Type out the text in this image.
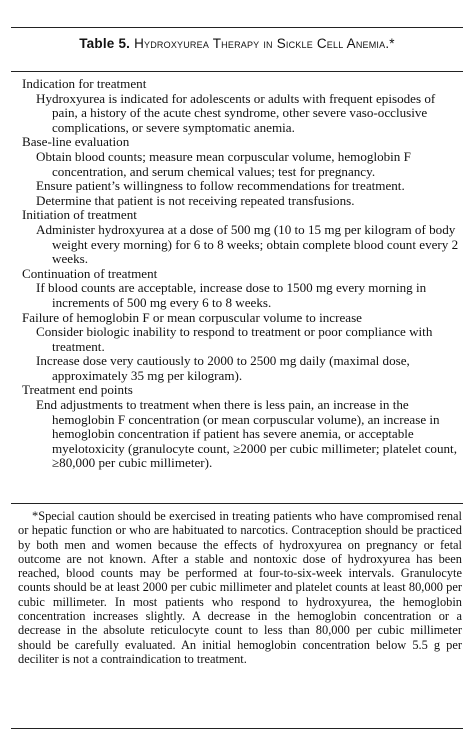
Table 5. Hydroxyurea Therapy in Sickle Cell Anemia.*
Indication for treatment

Hydroxyurea is indicated for adolescents or adults with frequent episodes of pain, a history of the acute chest syndrome, other severe vaso-occlusive complications, or severe symptomatic anemia.

Base-line evaluation

Obtain blood counts; measure mean corpuscular volume, hemoglobin F concentration, and serum chemical values; test for pregnancy.

Ensure patient’s willingness to follow recommendations for treatment.

Determine that patient is not receiving repeated transfusions.

Initiation of treatment

Administer hydroxyurea at a dose of 500 mg (10 to 15 mg per kilogram of body weight every morning) for 6 to 8 weeks; obtain complete blood count every 2 weeks.

Continuation of treatment

If blood counts are acceptable, increase dose to 1500 mg every morning in increments of 500 mg every 6 to 8 weeks.

Failure of hemoglobin F or mean corpuscular volume to increase

Consider biologic inability to respond to treatment or poor compliance with treatment.

Increase dose very cautiously to 2000 to 2500 mg daily (maximal dose, approximately 35 mg per kilogram).

Treatment end points

End adjustments to treatment when there is less pain, an increase in the hemoglobin F concentration (or mean corpuscular volume), an increase in hemoglobin concentration if patient has severe anemia, or acceptable myelotoxicity (granulocyte count, ≥2000 per cubic millimeter; platelet count, ≥80,000 per cubic millimeter).

*Special caution should be exercised in treating patients who have compromised renal or hepatic function or who are habituated to narcotics. Contraception should be practiced by both men and women because the effects of hydroxyurea on pregnancy or fetal outcome are not known. After a stable and nontoxic dose of hydroxyurea has been reached, blood counts may be performed at four-to-six-week intervals. Granulocyte counts should be at least 2000 per cubic millimeter and platelet counts at least 80,000 per cubic millimeter. In most patients who respond to hydroxyurea, the hemoglobin concentration increases slightly. A decrease in the hemoglobin concentration or a decrease in the absolute reticulocyte count to less than 80,000 per cubic millimeter should be carefully evaluated. An initial hemoglobin concentration below 5.5 g per deciliter is not a contraindication to treatment.
